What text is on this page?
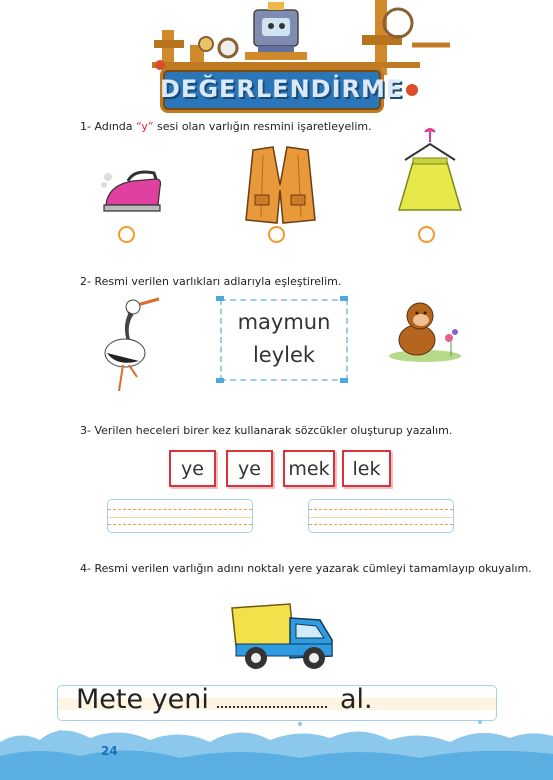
DEĞERLENDİRME
1- Adında “y” sesi olan varlığın resmini işaretleyelim.
2- Resmi verilen varlıkları adlarıyla eşleştirelim.
maymun
leylek
3- Verilen heceleri birer kez kullanarak sözcükler oluşturup yazalım.
ye	ye	mek	lek
4- Resmi verilen varlığın adını noktalı yere yazarak cümleyi tamamlayıp okuyalım.
Mete yeni	al.
24
